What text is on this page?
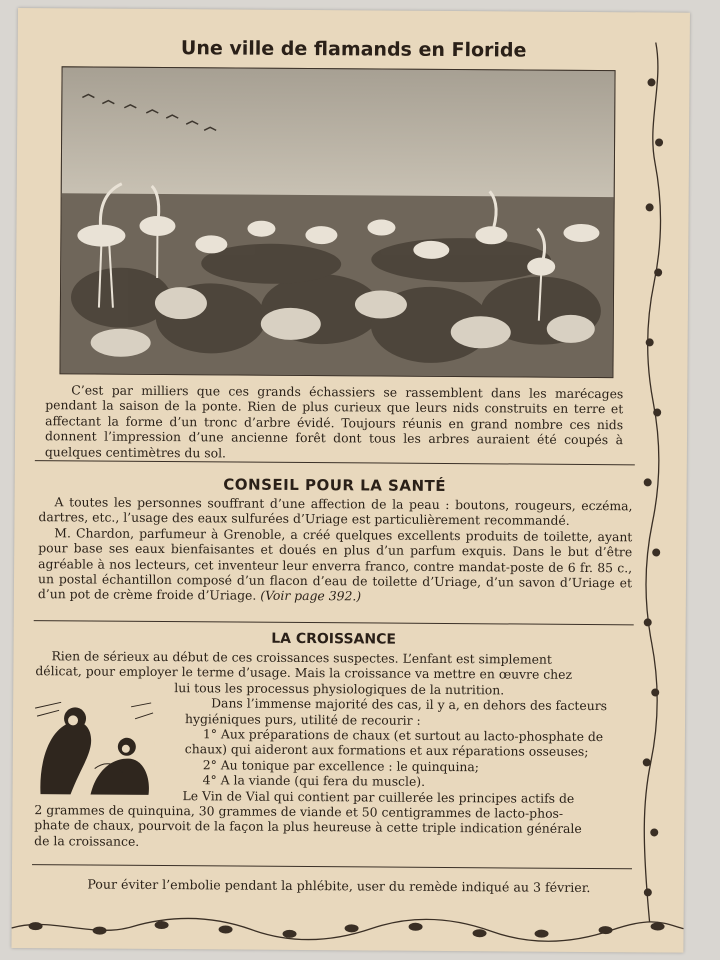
Une ville de flamands en Floride

C’est par milliers que ces grands échassiers se rassemblent dans les marécages pendant la saison de la ponte. Rien de plus curieux que leurs nids construits en terre et affectant la forme d’un tronc d’arbre évidé. Toujours réunis en grand nombre ces nids donnent l’impression d’une ancienne forêt dont tous les arbres auraient été coupés à quelques centimètres du sol.

CONSEIL POUR LA SANTÉ

A toutes les personnes souffrant d’une affection de la peau : boutons, rougeurs, eczéma, dartres, etc., l’usage des eaux sulfurées d’Uriage est particulièrement recommandé.

M. Chardon, parfumeur à Grenoble, a créé quelques excellents produits de toilette, ayant pour base ses eaux bienfaisantes et doués en plus d’un parfum exquis. Dans le but d’être agréable à nos lecteurs, cet inventeur leur enverra franco, contre mandat-poste de 6 fr. 85 c., un postal échantillon composé d’un flacon d’eau de toilette d’Uriage, d’un savon d’Uriage et d’un pot de crème froide d’Uriage. (Voir page 392.)

LA CROISSANCE

Rien de sérieux au début de ces croissances suspectes. L’enfant est simplement

délicat, pour employer le terme d’usage. Mais la croissance va mettre en œuvre chez

lui tous les processus physiologiques de la nutrition.

Dans l’immense majorité des cas, il y a, en dehors des facteurs

hygiéniques purs, utilité de recourir :

1° Aux préparations de chaux (et surtout au lacto-phosphate de

chaux) qui aideront aux formations et aux réparations osseuses;

2° Au tonique par excellence : le quinquina;

4° A la viande (qui fera du muscle).

Le Vin de Vial qui contient par cuillerée les principes actifs de

2 grammes de quinquina, 30 grammes de viande et 50 centigrammes de lacto-phos-

phate de chaux, pourvoit de la façon la plus heureuse à cette triple indication générale

de la croissance.

Pour éviter l’embolie pendant la phlébite, user du remède indiqué au 3 février.
